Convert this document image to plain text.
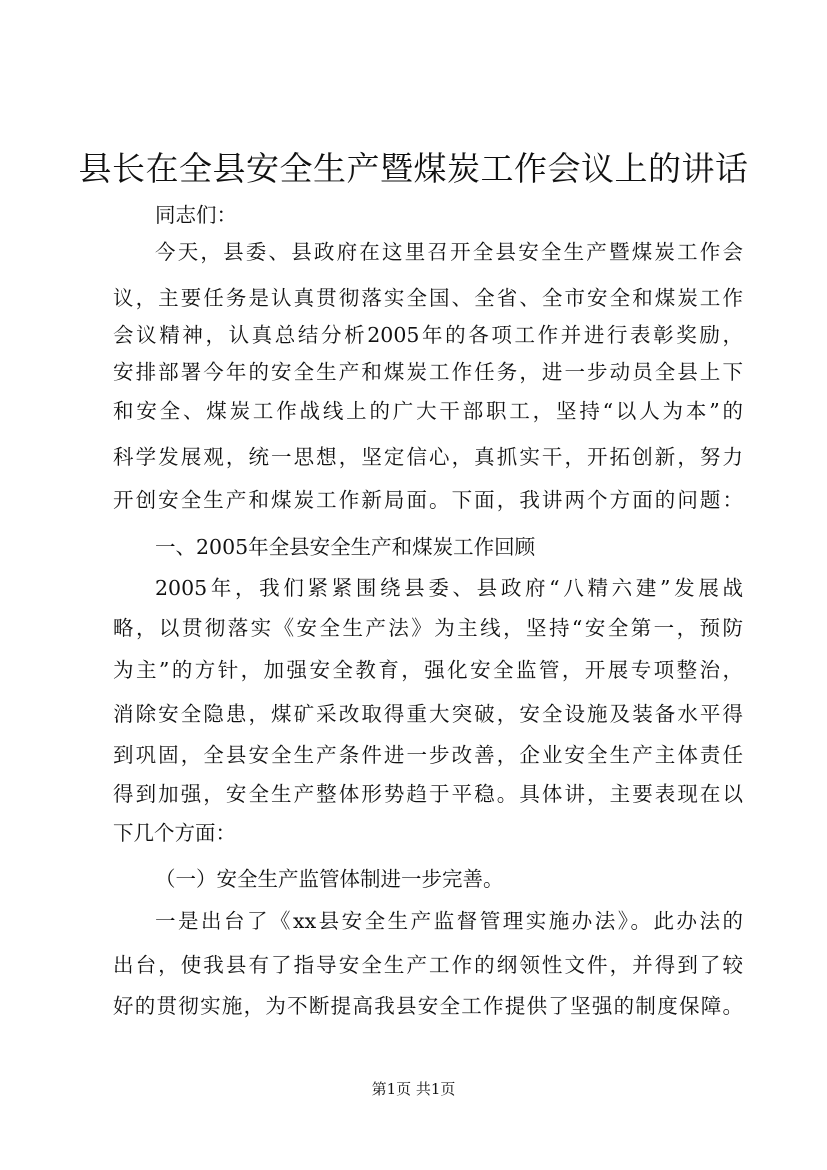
县长在全县安全生产暨煤炭工作会议上的讲话
同志们：
今天，县委、县政府在这里召开全县安全生产暨煤炭工作会
议，主要任务是认真贯彻落实全国、全省、全市安全和煤炭工作
会议精神，认真总结分析2005年的各项工作并进行表彰奖励，
安排部署今年的安全生产和煤炭工作任务，进一步动员全县上下
和安全、煤炭工作战线上的广大干部职工，坚持“以人为本”的
科学发展观，统一思想，坚定信心，真抓实干，开拓创新，努力
开创安全生产和煤炭工作新局面。下面，我讲两个方面的问题：
一、2005年全县安全生产和煤炭工作回顾
2005年，我们紧紧围绕县委、县政府“八精六建”发展战
略，以贯彻落实《安全生产法》为主线，坚持“安全第一，预防
为主”的方针，加强安全教育，强化安全监管，开展专项整治，
消除安全隐患，煤矿采改取得重大突破，安全设施及装备水平得
到巩固，全县安全生产条件进一步改善，企业安全生产主体责任
得到加强，安全生产整体形势趋于平稳。具体讲，主要表现在以
下几个方面：
（一）安全生产监管体制进一步完善。
一是出台了《xx县安全生产监督管理实施办法》。此办法的
出台，使我县有了指导安全生产工作的纲领性文件，并得到了较
好的贯彻实施，为不断提高我县安全工作提供了坚强的制度保障。
第1页 共1页
